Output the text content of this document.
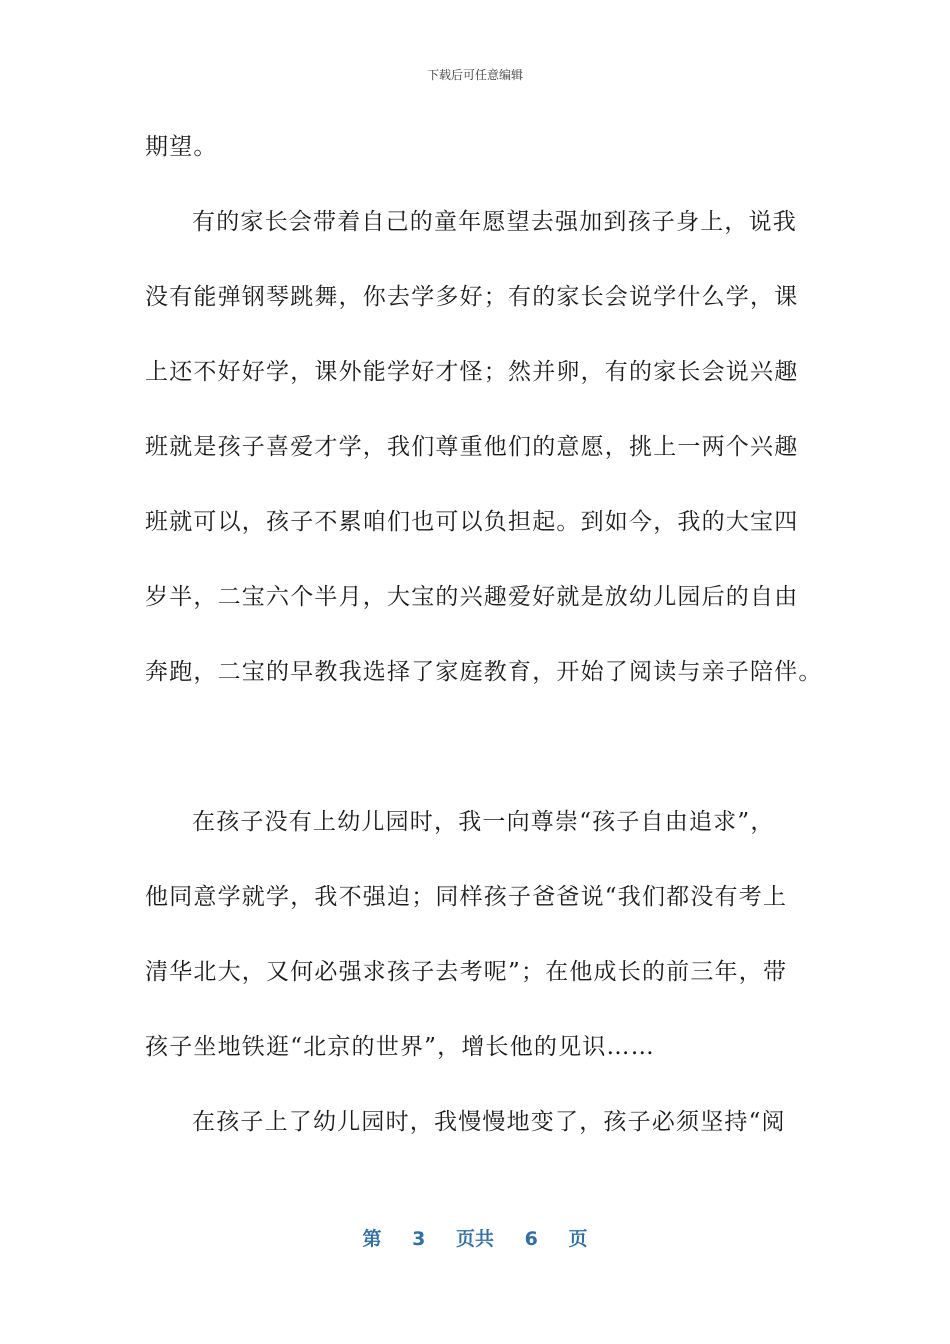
下载后可任意编辑
期望。
有的家长会带着自己的童年愿望去强加到孩子身上，说我
没有能弹钢琴跳舞，你去学多好；有的家长会说学什么学，课
上还不好好学，课外能学好才怪；然并卵，有的家长会说兴趣
班就是孩子喜爱才学，我们尊重他们的意愿，挑上一两个兴趣
班就可以，孩子不累咱们也可以负担起。到如今，我的大宝四
岁半，二宝六个半月，大宝的兴趣爱好就是放幼儿园后的自由
奔跑，二宝的早教我选择了家庭教育，开始了阅读与亲子陪伴。
在孩子没有上幼儿园时，我一向尊崇“孩子自由追求”，
他同意学就学，我不强迫；同样孩子爸爸说“我们都没有考上
清华北大，又何必强求孩子去考呢”；在他成长的前三年，带
孩子坐地铁逛“北京的世界”，增长他的见识……
在孩子上了幼儿园时，我慢慢地变了，孩子必须坚持“阅
第 3 页共 6 页
